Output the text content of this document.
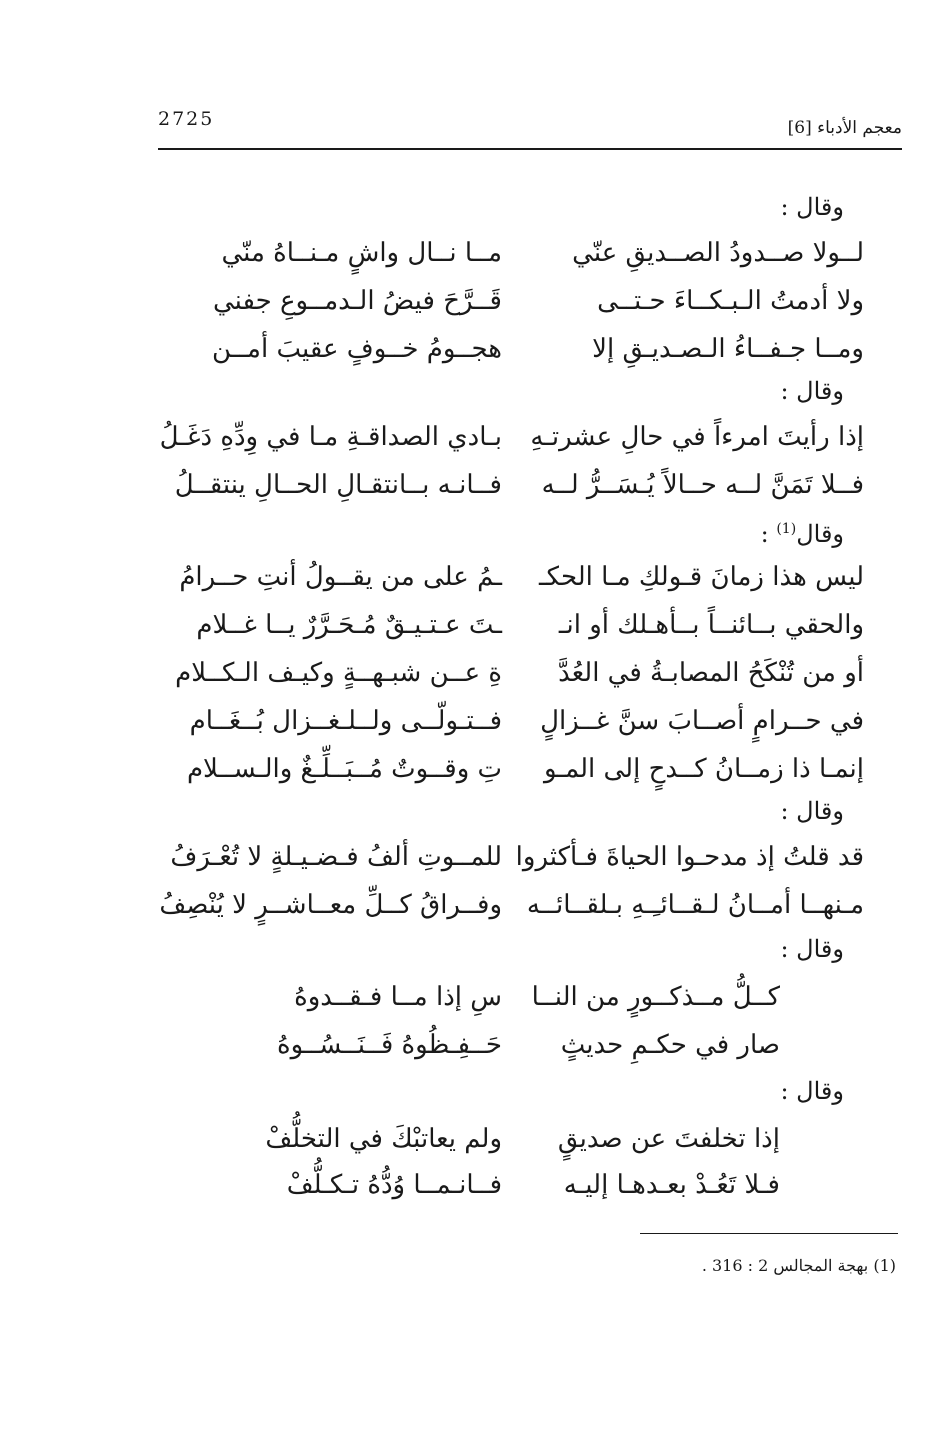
2725	معجم الأدباء [6]
وقال :
لــولا صــدودُ الصــديقِ عنّي
مــا نــال واشٍ مـنــاهُ منّي
ولا أدمتُ الـبـكــاءَ حـتــى
قَــرَّحَ فيضُ الـدمــوعِ جفني
ومــا جـفــاءُ الـصـديـقِ إلا
هجــومُ خــوفٍ عقيبَ أمــن
وقال :
إذا رأيتَ امرءاً في حالِ عشرتـهِ
بـادي الصداقـةِ مـا في وِدِّهِ دَغَـلُ
فــلا تَمَنَّ لــه حــالاً يُـسَــرُّ لــه
فــانـه بــانتقـالِ الحــالِ ينتقــلُ
وقال$^{(1)}$ :
ليس هذا زمانَ قـولكِ مـا الحكـ
ـمُ على من يقــولُ أنتِ حــرامُ
والحقي بــائنــاً بــأهـلك أو انـ
ـتَ عـتـيـقٌ مُـحَـرَّرٌ يــا غــلام
أو من تُنْكَحُ المصابـةُ في العُدَّ
ةِ عــن شبـهــةٍ وكيـف الـكــلام
في حــرامٍ أصــابَ سنَّ غــزالٍ
فــتـولّــى ولــلـغــزال بُــغَــام
إنمـا ذا زمــانُ كــدحٍ إلى المـو
تِ وقــوتٌ مُــبَــلِّـغٌ والـســلام
وقال :
قد قلتُ إذ مدحـوا الحياةَ فـأكثروا
للمــوتِ ألفُ فـضـيـلةٍ لا تُعْـرَفُ
مـنهــا أمــانُ لـقــائـِـهِ بـلقــائــه
وفــراقُ كــلِّ معــاشــرٍ لا يُنْصِفُ
وقال :
كــلُّ مــذكــورٍ من النــا
سِ إذا مــا فـقــدوهُ
صار في حكـمِ حديثٍ
حَــفِـظُوهُ فَــنَــسُــوهُ
وقال :
إذا تخلفتَ عن صديقٍ
ولم يعاتبْكَ في التخلُّفْ
فـلا تَعُـدْ بعـدهـا إليـه
فــانـمــا وُدُّهُ تـكـلُّفْ
(1) بهجة المجالس 2 : 316 .
